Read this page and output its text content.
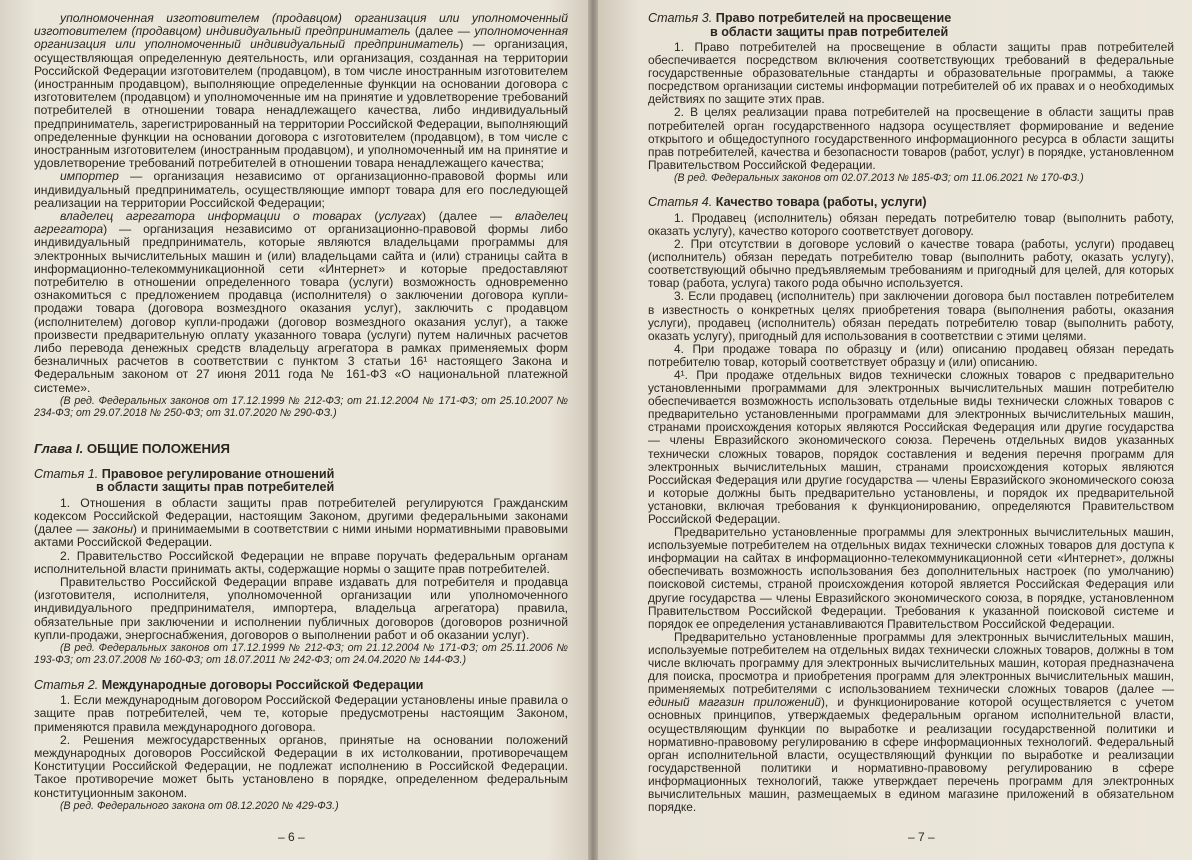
уполномоченная изготовителем (продавцом) организация или уполномоченный изготовителем (продавцом) индивидуальный предприниматель (далее — уполномоченная организация или уполномоченный индивидуальный предприниматель) — организация, осуществляющая определенную деятельность, или организация, созданная на территории Российской Федерации изготовителем (продавцом), в том числе иностранным изготовителем (иностранным продавцом), выполняющие определенные функции на основании договора с изготовителем (продавцом) и уполномоченные им на принятие и удовлетворение требований потребителей в отношении товара ненадлежащего качества, либо индивидуальный предприниматель, зарегистрированный на территории Российской Федерации, выполняющий определенные функции на основании договора с изготовителем (продавцом), в том числе с иностранным изготовителем (иностранным продавцом), и уполномоченный им на принятие и удовлетворение требований потребителей в отношении товара ненадлежащего качества;

импортер — организация независимо от организационно-правовой формы или индивидуальный предприниматель, осуществляющие импорт товара для его последующей реализации на территории Российской Федерации;

владелец агрегатора информации о товарах (услугах) (далее — владелец агрегатора) — организация независимо от организационно-правовой формы либо индивидуальный предприниматель, которые являются владельцами программы для электронных вычислительных машин и (или) владельцами сайта и (или) страницы сайта в информационно-телекоммуникационной сети «Интернет» и которые предоставляют потребителю в отношении определенного товара (услуги) возможность одновременно ознакомиться с предложением продавца (исполнителя) о заключении договора купли-продажи товара (договора возмездного оказания услуг), заключить с продавцом (исполнителем) договор купли-продажи (договор возмездного оказания услуг), а также произвести предварительную оплату указанного товара (услуги) путем наличных расчетов либо перевода денежных средств владельцу агрегатора в рамках применяемых форм безналичных расчетов в соответствии с пунктом 3 статьи 16¹ настоящего Закона и Федеральным законом от 27 июня 2011 года № 161-ФЗ «О национальной платежной системе».

(В ред. Федеральных законов от 17.12.1999 № 212-ФЗ; от 21.12.2004 № 171-ФЗ; от 25.10.2007 № 234-ФЗ; от 29.07.2018 № 250-ФЗ; от 31.07.2020 № 290-ФЗ.)

Глава I. ОБЩИЕ ПОЛОЖЕНИЯ

Статья 1. Правовое регулирование отношений
в области защиты прав потребителей

1. Отношения в области защиты прав потребителей регулируются Гражданским кодексом Российской Федерации, настоящим Законом, другими федеральными законами (далее — законы) и принимаемыми в соответствии с ними иными нормативными правовыми актами Российской Федерации.

2. Правительство Российской Федерации не вправе поручать федеральным органам исполнительной власти принимать акты, содержащие нормы о защите прав потребителей.

Правительство Российской Федерации вправе издавать для потребителя и продавца (изготовителя, исполнителя, уполномоченной организации или уполномоченного индивидуального предпринимателя, импортера, владельца агрегатора) правила, обязательные при заключении и исполнении публичных договоров (договоров розничной купли-продажи, энергоснабжения, договоров о выполнении работ и об оказании услуг).

(В ред. Федеральных законов от 17.12.1999 № 212-ФЗ; от 21.12.2004 № 171-ФЗ; от 25.11.2006 № 193-ФЗ; от 23.07.2008 № 160-ФЗ; от 18.07.2011 № 242-ФЗ; от 24.04.2020 № 144-ФЗ.)

Статья 2. Международные договоры Российской Федерации

1. Если международным договором Российской Федерации установлены иные правила о защите прав потребителей, чем те, которые предусмотрены настоящим Законом, применяются правила международного договора.

2. Решения межгосударственных органов, принятые на основании положений международных договоров Российской Федерации в их истолковании, противоречащем Конституции Российской Федерации, не подлежат исполнению в Российской Федерации. Такое противоречие может быть установлено в порядке, определенном федеральным конституционным законом.

(В ред. Федерального закона от 08.12.2020 № 429-ФЗ.)

– 6 –

Статья 3. Право потребителей на просвещение
в области защиты прав потребителей

1. Право потребителей на просвещение в области защиты прав потребителей обеспечивается посредством включения соответствующих требований в федеральные государственные образовательные стандарты и образовательные программы, а также посредством организации системы информации потребителей об их правах и о необходимых действиях по защите этих прав.

2. В целях реализации права потребителей на просвещение в области защиты прав потребителей орган государственного надзора осуществляет формирование и ведение открытого и общедоступного государственного информационного ресурса в области защиты прав потребителей, качества и безопасности товаров (работ, услуг) в порядке, установленном Правительством Российской Федерации.

(В ред. Федеральных законов от 02.07.2013 № 185-ФЗ; от 11.06.2021 № 170-ФЗ.)

Статья 4. Качество товара (работы, услуги)

1. Продавец (исполнитель) обязан передать потребителю товар (выполнить работу, оказать услугу), качество которого соответствует договору.

2. При отсутствии в договоре условий о качестве товара (работы, услуги) продавец (исполнитель) обязан передать потребителю товар (выполнить работу, оказать услугу), соответствующий обычно предъявляемым требованиям и пригодный для целей, для которых товар (работа, услуга) такого рода обычно используется.

3. Если продавец (исполнитель) при заключении договора был поставлен потребителем в известность о конкретных целях приобретения товара (выполнения работы, оказания услуги), продавец (исполнитель) обязан передать потребителю товар (выполнить работу, оказать услугу), пригодный для использования в соответствии с этими целями.

4. При продаже товара по образцу и (или) описанию продавец обязан передать потребителю товар, который соответствует образцу и (или) описанию.

4¹. При продаже отдельных видов технически сложных товаров с предварительно установленными программами для электронных вычислительных машин потребителю обеспечивается возможность использовать отдельные виды технически сложных товаров с предварительно установленными программами для электронных вычислительных машин, странами происхождения которых являются Российская Федерация или другие государства — члены Евразийского экономического союза. Перечень отдельных видов указанных технически сложных товаров, порядок составления и ведения перечня программ для электронных вычислительных машин, странами происхождения которых являются Российская Федерация или другие государства — члены Евразийского экономического союза и которые должны быть предварительно установлены, и порядок их предварительной установки, включая требования к функционированию, определяются Правительством Российской Федерации.

Предварительно установленные программы для электронных вычислительных машин, используемые потребителем на отдельных видах технически сложных товаров для доступа к информации на сайтах в информационно-телекоммуникационной сети «Интернет», должны обеспечивать возможность использования без дополнительных настроек (по умолчанию) поисковой системы, страной происхождения которой является Российская Федерация или другие государства — члены Евразийского экономического союза, в порядке, установленном Правительством Российской Федерации. Требования к указанной поисковой системе и порядок ее определения устанавливаются Правительством Российской Федерации.

Предварительно установленные программы для электронных вычислительных машин, используемые потребителем на отдельных видах технически сложных товаров, должны в том числе включать программу для электронных вычислительных машин, которая предназначена для поиска, просмотра и приобретения программ для электронных вычислительных машин, применяемых потребителями с использованием технически сложных товаров (далее — единый магазин приложений), и функционирование которой осуществляется с учетом основных принципов, утверждаемых федеральным органом исполнительной власти, осуществляющим функции по выработке и реализации государственной политики и нормативно-правовому регулированию в сфере информационных технологий. Федеральный орган исполнительной власти, осуществляющий функции по выработке и реализации государственной политики и нормативно-правовому регулированию в сфере информационных технологий, также утверждает перечень программ для электронных вычислительных машин, размещаемых в едином магазине приложений в обязательном порядке.

– 7 –
